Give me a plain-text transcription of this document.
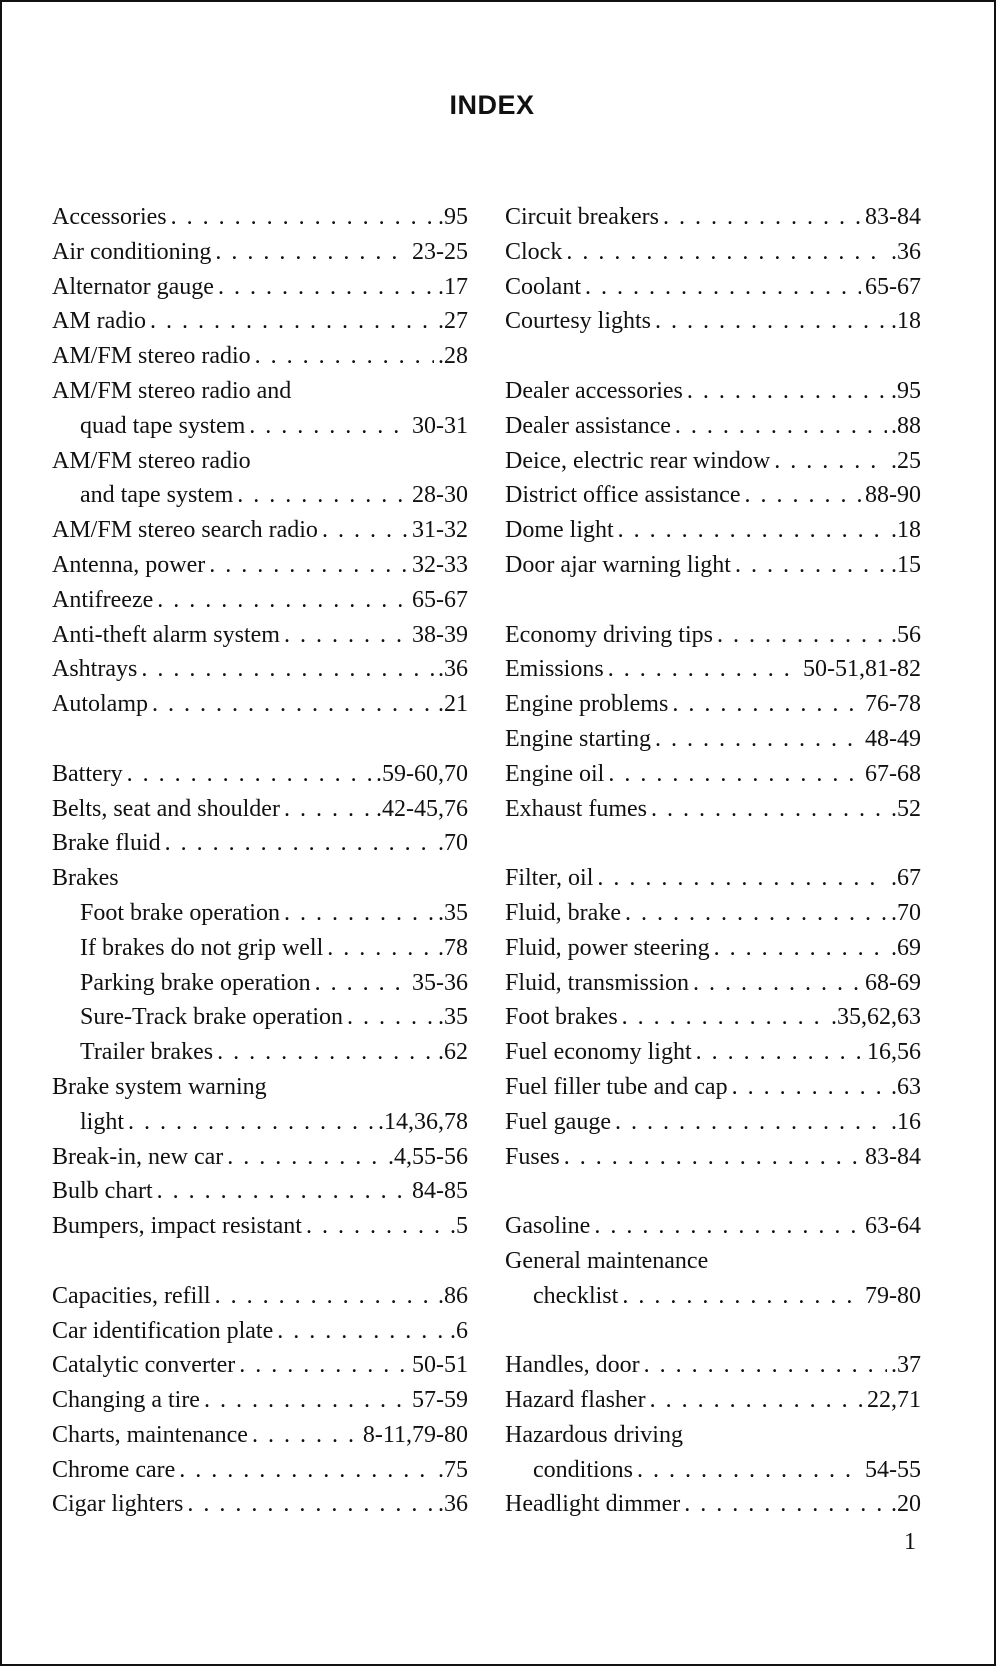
INDEX
Accessories . . .	.95
Air conditioning . . .	23-25
Alternator gauge . . .	.17
AM radio . . .	.27
AM/FM stereo radio . . .	.28
AM/FM stereo radio and
quad tape system . . .	30-31
AM/FM stereo radio
and tape system . . .	28-30
AM/FM stereo search radio . . .	31-32
Antenna, power . . .	32-33
Antifreeze . . .	65-67
Anti-theft alarm system . . .	38-39
Ashtrays . . .	.36
Autolamp . . .	.21
Battery . . .	.59-60,70
Belts, seat and shoulder . . .	.42-45,76
Brake fluid . . .	.70
Brakes
Foot brake operation . . .	.35
If brakes do not grip well . . .	.78
Parking brake operation . . .	35-36
Sure-Track brake operation . . .	.35
Trailer brakes . . .	.62
Brake system warning
light . . .	.14,36,78
Break-in, new car . . .	.4,55-56
Bulb chart . . .	84-85
Bumpers, impact resistant . . .	.5
Capacities, refill . . .	.86
Car identification plate . . .	.6
Catalytic converter . . .	50-51
Changing a tire . . .	57-59
Charts, maintenance . . .	8-11,79-80
Chrome care . . .	.75
Cigar lighters . . .	.36
Circuit breakers . . .	83-84
Clock . . .	.36
Coolant . . .	65-67
Courtesy lights . . .	.18
Dealer accessories . . .	.95
Dealer assistance . . .	.88
Deice, electric rear window . . .	.25
District office assistance . . .	88-90
Dome light . . .	.18
Door ajar warning light . . .	.15
Economy driving tips . . .	.56
Emissions . . .	50-51,81-82
Engine problems . . .	76-78
Engine starting . . .	48-49
Engine oil . . .	67-68
Exhaust fumes . . .	.52
Filter, oil . . .	.67
Fluid, brake . . .	.70
Fluid, power steering . . .	.69
Fluid, transmission . . .	68-69
Foot brakes . . .	.35,62,63
Fuel economy light . . .	16,56
Fuel filler tube and cap . . .	.63
Fuel gauge . . .	.16
Fuses . . .	83-84
Gasoline . . .	63-64
General maintenance
checklist . . .	79-80
Handles, door . . .	.37
Hazard flasher . . .	22,71
Hazardous driving
conditions . . .	54-55
Headlight dimmer . . .	.20
1
